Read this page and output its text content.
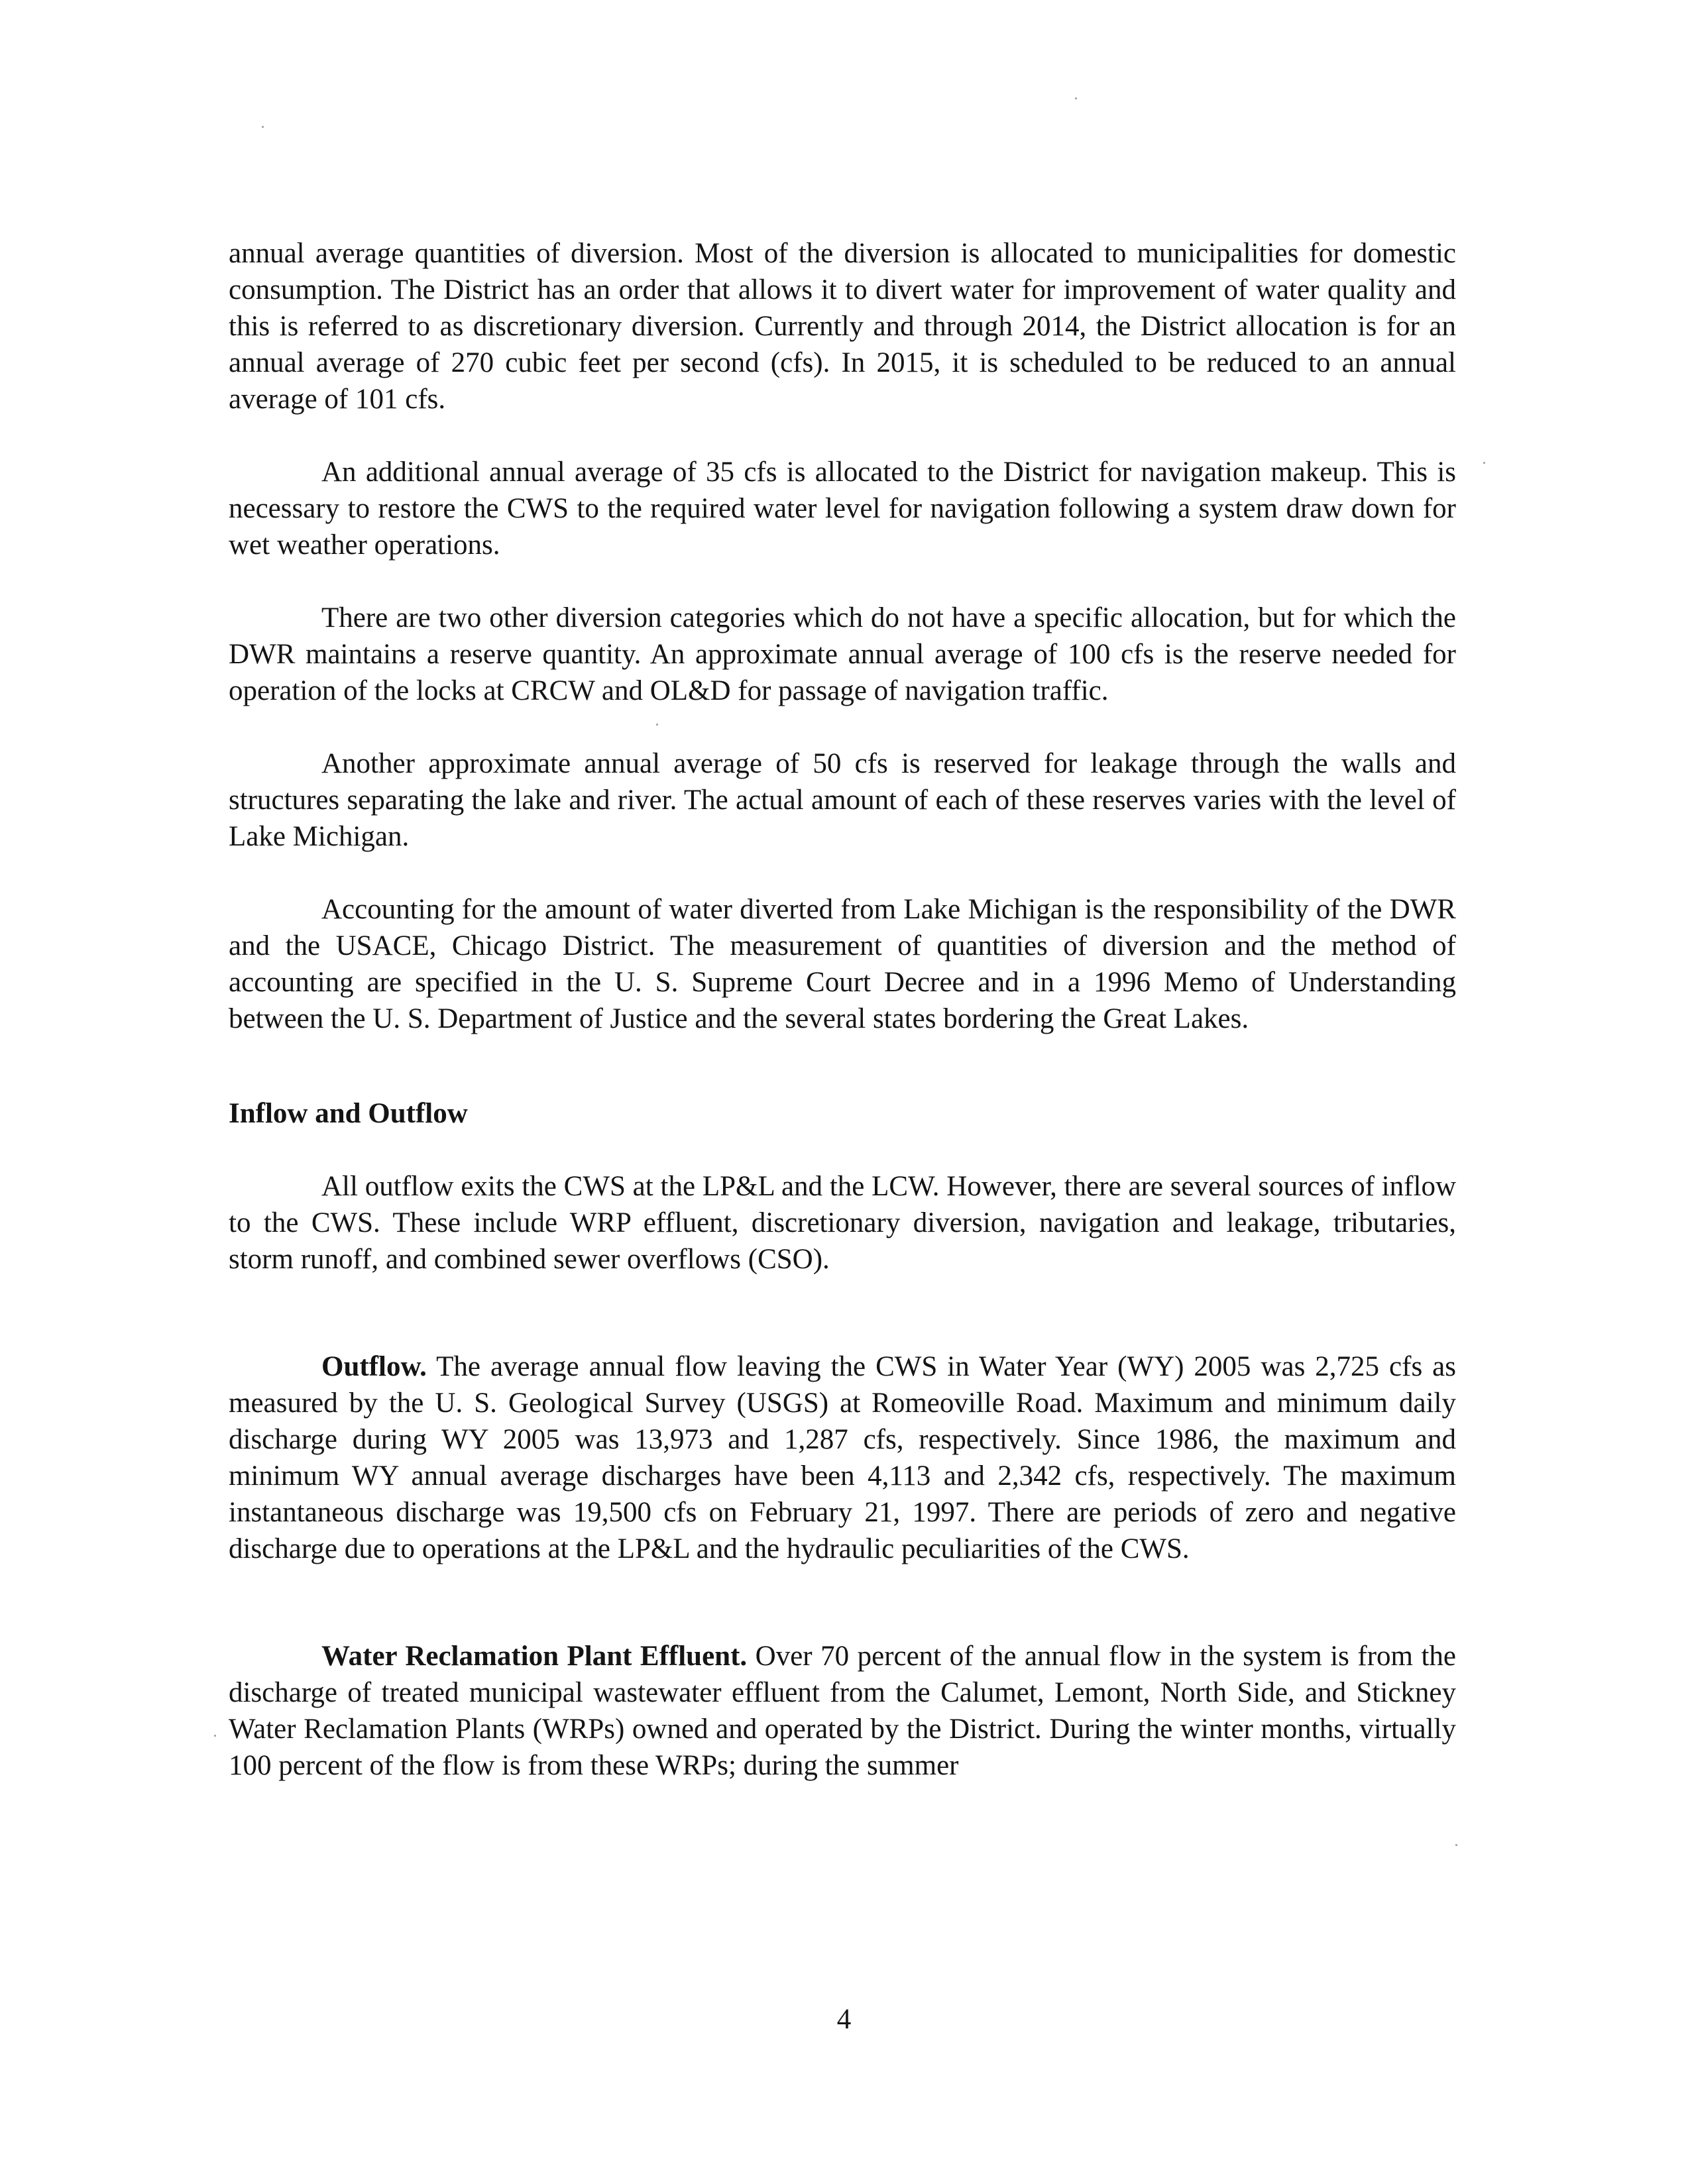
annual average quantities of diversion. Most of the diversion is allocated to municipalities for domestic consumption. The District has an order that allows it to divert water for improvement of water quality and this is referred to as discretionary diversion. Currently and through 2014, the District allocation is for an annual average of 270 cubic feet per second (cfs). In 2015, it is scheduled to be reduced to an annual average of 101 cfs.

An additional annual average of 35 cfs is allocated to the District for navigation makeup. This is necessary to restore the CWS to the required water level for navigation following a system draw down for wet weather operations.

There are two other diversion categories which do not have a specific allocation, but for which the DWR maintains a reserve quantity. An approximate annual average of 100 cfs is the reserve needed for operation of the locks at CRCW and OL&D for passage of navigation traffic.

Another approximate annual average of 50 cfs is reserved for leakage through the walls and structures separating the lake and river. The actual amount of each of these reserves varies with the level of Lake Michigan.

Accounting for the amount of water diverted from Lake Michigan is the responsibility of the DWR and the USACE, Chicago District. The measurement of quantities of diversion and the method of accounting are specified in the U. S. Supreme Court Decree and in a 1996 Memo of Understanding between the U. S. Department of Justice and the several states bordering the Great Lakes.

Inflow and Outflow

All outflow exits the CWS at the LP&L and the LCW. However, there are several sources of inflow to the CWS. These include WRP effluent, discretionary diversion, navigation and leakage, tributaries, storm runoff, and combined sewer overflows (CSO).

Outflow. The average annual flow leaving the CWS in Water Year (WY) 2005 was 2,725 cfs as measured by the U. S. Geological Survey (USGS) at Romeoville Road. Maximum and minimum daily discharge during WY 2005 was 13,973 and 1,287 cfs, respectively. Since 1986, the maximum and minimum WY annual average discharges have been 4,113 and 2,342 cfs, respectively. The maximum instantaneous discharge was 19,500 cfs on February 21, 1997. There are periods of zero and negative discharge due to operations at the LP&L and the hydraulic peculiarities of the CWS.

Water Reclamation Plant Effluent. Over 70 percent of the annual flow in the system is from the discharge of treated municipal wastewater effluent from the Calumet, Lemont, North Side, and Stickney Water Reclamation Plants (WRPs) owned and operated by the District. During the winter months, virtually 100 percent of the flow is from these WRPs; during the summer

4
